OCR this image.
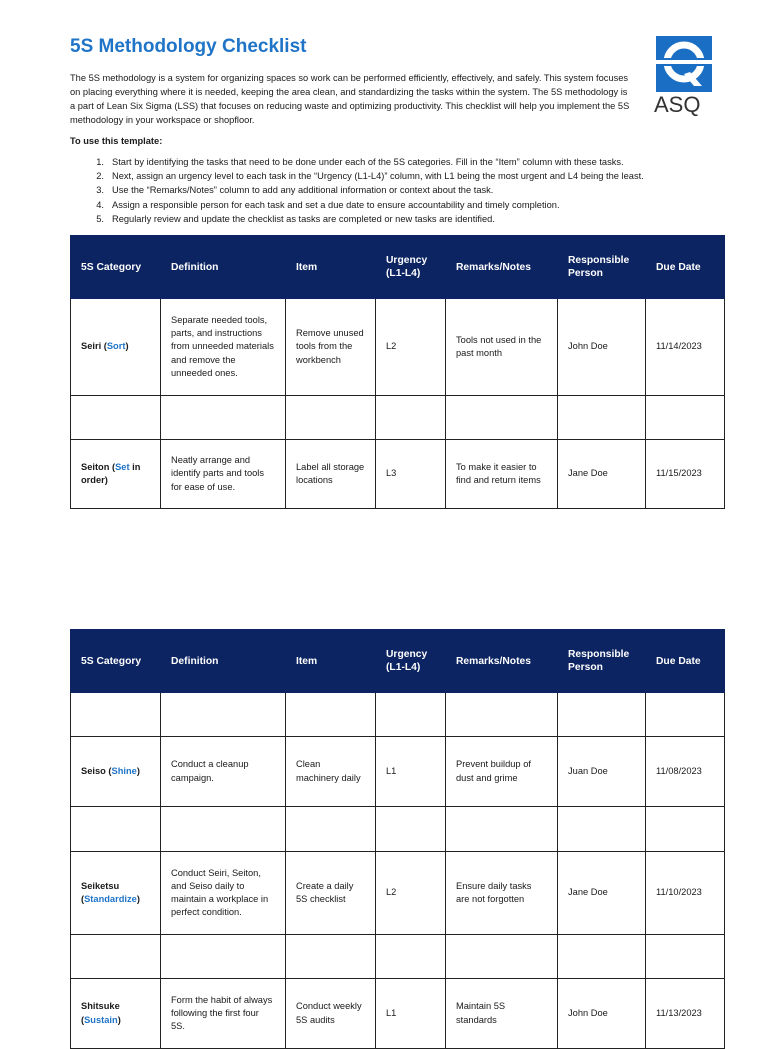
5S Methodology Checklist
ASQ

The 5S methodology is a system for organizing spaces so work can be performed efficiently, effectively, and safely. This system focuses on placing everything where it is needed, keeping the area clean, and standardizing the tasks within the system. The 5S methodology is a part of Lean Six Sigma (LSS) that focuses on reducing waste and optimizing productivity. This checklist will help you implement the 5S methodology in your workspace or shopfloor.

To use this template:

1. Start by identifying the tasks that need to be done under each of the 5S categories. Fill in the “Item” column with these tasks.
2. Next, assign an urgency level to each task in the “Urgency (L1-L4)” column, with L1 being the most urgent and L4 being the least.
3. Use the “Remarks/Notes” column to add any additional information or context about the task.
4. Assign a responsible person for each task and set a due date to ensure accountability and timely completion.
5. Regularly review and update the checklist as tasks are completed or new tasks are identified.
5S Category	Definition	Item	Urgency (L1-L4)	Remarks/Notes	Responsible Person	Due Date
Seiri (Sort)	Separate needed tools, parts, and instructions from unneeded materials and remove the unneeded ones.	Remove unused tools from the workbench	L2	Tools not used in the past month	John Doe	11/14/2023

Seiton (Set in order)	Neatly arrange and identify parts and tools for ease of use.	Label all storage locations	L3	To make it easier to find and return items	Jane Doe	11/15/2023
5S Category	Definition	Item	Urgency (L1-L4)	Remarks/Notes	Responsible Person	Due Date

Seiso (Shine)	Conduct a cleanup campaign.	Clean machinery daily	L1	Prevent buildup of dust and grime	Juan Doe	11/08/2023

Seiketsu (Standardize)	Conduct Seiri, Seiton, and Seiso daily to maintain a workplace in perfect condition.	Create a daily 5S checklist	L2	Ensure daily tasks are not forgotten	Jane Doe	11/10/2023

Shitsuke (Sustain)	Form the habit of always following the first four 5S.	Conduct weekly 5S audits	L1	Maintain 5S standards	John Doe	11/13/2023
